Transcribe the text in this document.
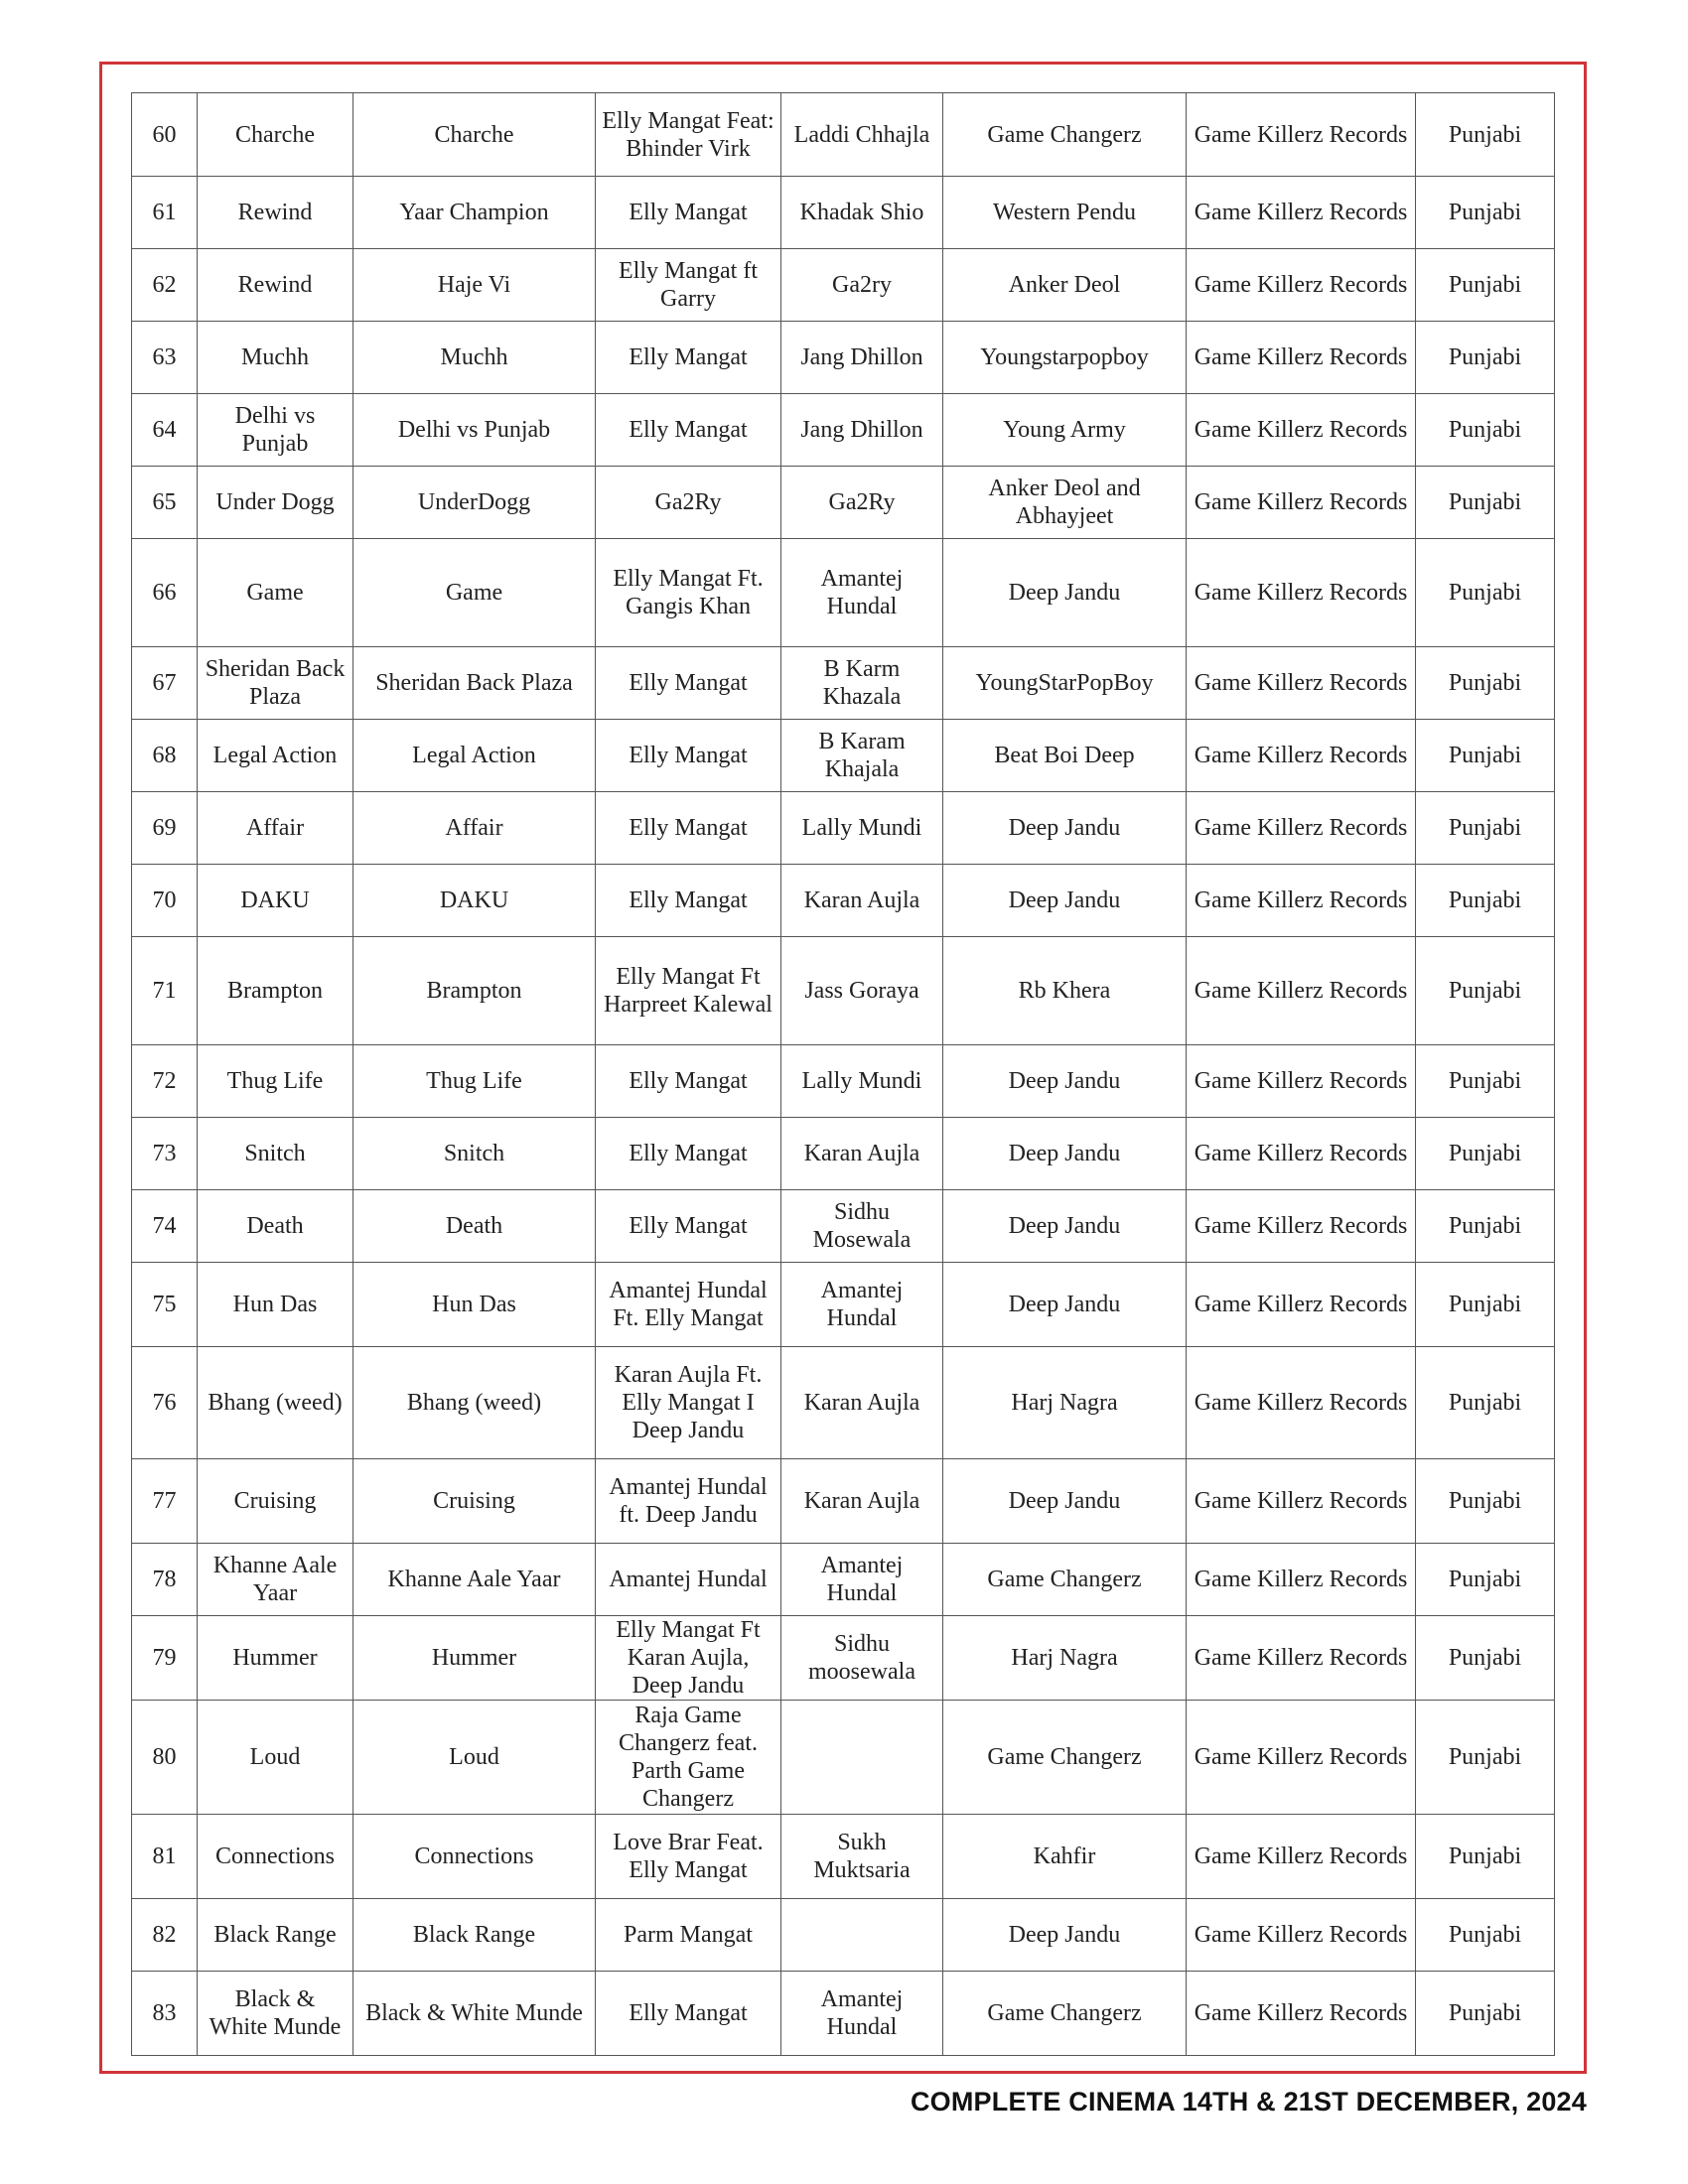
60	Charche	Charche	Elly Mangat Feat: Bhinder Virk	Laddi Chhajla	Game Changerz	Game Killerz Records	Punjabi
61	Rewind	Yaar Champion	Elly Mangat	Khadak Shio	Western Pendu	Game Killerz Records	Punjabi
62	Rewind	Haje Vi	Elly Mangat ft Garry	Ga2ry	Anker Deol	Game Killerz Records	Punjabi
63	Muchh	Muchh	Elly Mangat	Jang Dhillon	Youngstarpopboy	Game Killerz Records	Punjabi
64	Delhi vs Punjab	Delhi vs Punjab	Elly Mangat	Jang Dhillon	Young Army	Game Killerz Records	Punjabi
65	Under Dogg	UnderDogg	Ga2Ry	Ga2Ry	Anker Deol and Abhayjeet	Game Killerz Records	Punjabi
66	Game	Game	Elly Mangat Ft. Gangis Khan	Amantej Hundal	Deep Jandu	Game Killerz Records	Punjabi
67	Sheridan Back Plaza	Sheridan Back Plaza	Elly Mangat	B Karm Khazala	YoungStarPopBoy	Game Killerz Records	Punjabi
68	Legal Action	Legal Action	Elly Mangat	B Karam Khajala	Beat Boi Deep	Game Killerz Records	Punjabi
69	Affair	Affair	Elly Mangat	Lally Mundi	Deep Jandu	Game Killerz Records	Punjabi
70	DAKU	DAKU	Elly Mangat	Karan Aujla	Deep Jandu	Game Killerz Records	Punjabi
71	Brampton	Brampton	Elly Mangat Ft Harpreet Kalewal	Jass Goraya	Rb Khera	Game Killerz Records	Punjabi
72	Thug Life	Thug Life	Elly Mangat	Lally Mundi	Deep Jandu	Game Killerz Records	Punjabi
73	Snitch	Snitch	Elly Mangat	Karan Aujla	Deep Jandu	Game Killerz Records	Punjabi
74	Death	Death	Elly Mangat	Sidhu Mosewala	Deep Jandu	Game Killerz Records	Punjabi
75	Hun Das	Hun Das	Amantej Hundal Ft. Elly Mangat	Amantej Hundal	Deep Jandu	Game Killerz Records	Punjabi
76	Bhang (weed)	Bhang (weed)	Karan Aujla Ft. Elly Mangat I Deep Jandu	Karan Aujla	Harj Nagra	Game Killerz Records	Punjabi
77	Cruising	Cruising	Amantej Hundal ft. Deep Jandu	Karan Aujla	Deep Jandu	Game Killerz Records	Punjabi
78	Khanne Aale Yaar	Khanne Aale Yaar	Amantej Hundal	Amantej Hundal	Game Changerz	Game Killerz Records	Punjabi
79	Hummer	Hummer	Elly Mangat Ft Karan Aujla, Deep Jandu	Sidhu moosewala	Harj Nagra	Game Killerz Records	Punjabi
80	Loud	Loud	Raja Game Changerz feat. Parth Game Changerz		Game Changerz	Game Killerz Records	Punjabi
81	Connections	Connections	Love Brar Feat. Elly Mangat	Sukh Muktsaria	Kahfir	Game Killerz Records	Punjabi
82	Black Range	Black Range	Parm Mangat		Deep Jandu	Game Killerz Records	Punjabi
83	Black & White Munde	Black & White Munde	Elly Mangat	Amantej Hundal	Game Changerz	Game Killerz Records	Punjabi
COMPLETE CINEMA 14TH & 21ST DECEMBER, 2024
